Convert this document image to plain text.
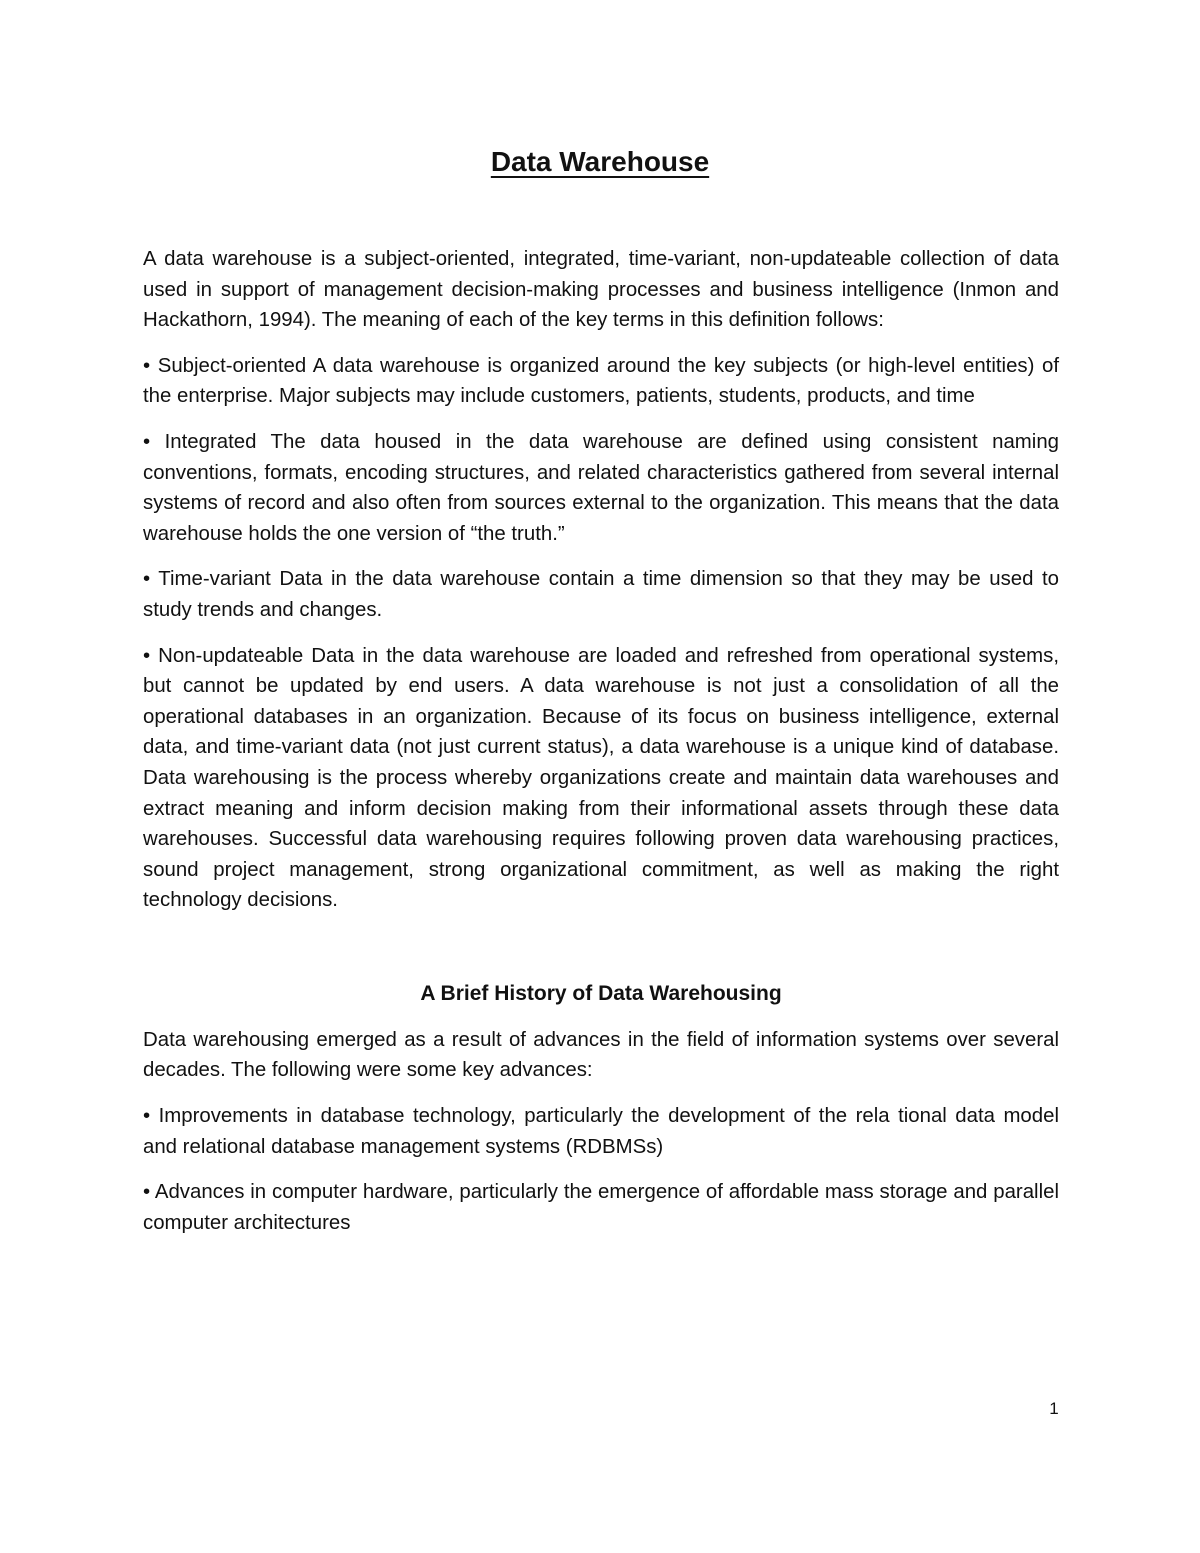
Data Warehouse

A data warehouse is a subject-oriented, integrated, time-variant, non-updateable collection of data used in support of management decision-making processes and business intelligence (Inmon and Hackathorn, 1994). The meaning of each of the key terms in this definition follows:

• Subject-oriented A data warehouse is organized around the key subjects (or high-level entities) of the enterprise. Major subjects may include customers, patients, students, products, and time

• Integrated The data housed in the data warehouse are defined using consistent naming conventions, formats, encoding structures, and related characteristics gathered from several internal systems of record and also often from sources external to the organization. This means that the data warehouse holds the one version of “the truth.”

• Time-variant Data in the data warehouse contain a time dimension so that they may be used to study trends and changes.

• Non-updateable Data in the data warehouse are loaded and refreshed from operational systems, but cannot be updated by end users. A data warehouse is not just a consolidation of all the operational databases in an organization. Because of its focus on business intelligence, external data, and time-variant data (not just current status), a data warehouse is a unique kind of database. Data warehousing is the process whereby organizations create and maintain data warehouses and extract meaning and inform decision making from their informational assets through these data warehouses. Successful data warehousing requires following proven data warehousing practices, sound project management, strong organizational commitment, as well as making the right technology decisions.

A Brief History of Data Warehousing

Data warehousing emerged as a result of advances in the field of information systems over several decades. The following were some key advances:

• Improvements in database technology, particularly the development of the rela tional data model and relational database management systems (RDBMSs)

• Advances in computer hardware, particularly the emergence of affordable mass storage and parallel computer architectures

1
